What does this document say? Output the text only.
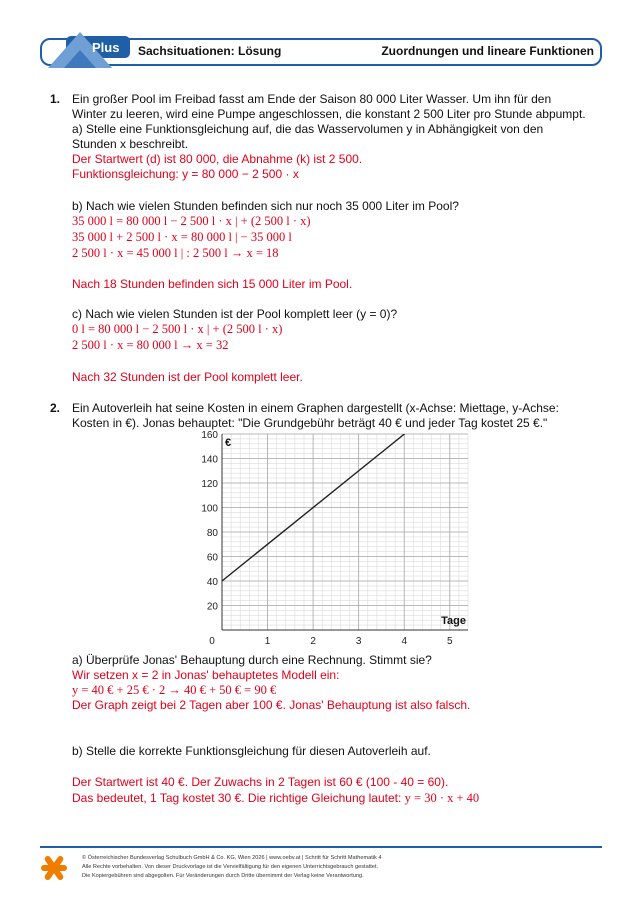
Plus Sachsituationen: Lösung	Zuordnungen und lineare Funktionen
1. Ein großer Pool im Freibad fasst am Ende der Saison 80 000 Liter Wasser. Um ihn für den
Winter zu leeren, wird eine Pumpe angeschlossen, die konstant 2 500 Liter pro Stunde abpumpt.
a) Stelle eine Funktionsgleichung auf, die das Wasservolumen y in Abhängigkeit von den
Stunden x beschreibt.
Der Startwert (d) ist 80 000, die Abnahme (k) ist 2 500.
Funktionsgleichung: y = 80 000 − 2 500 · x
b) Nach wie vielen Stunden befinden sich nur noch 35 000 Liter im Pool?
35 000 l = 80 000 l − 2 500 l · x | + (2 500 l · x)
35 000 l + 2 500 l · x = 80 000 l | − 35 000 l
2 500 l · x = 45 000 l | : 2 500 l → x = 18
Nach 18 Stunden befinden sich 15 000 Liter im Pool.
c) Nach wie vielen Stunden ist der Pool komplett leer (y = 0)?
0 l = 80 000 l − 2 500 l · x | + (2 500 l · x)
2 500 l · x = 80 000 l → x = 32
Nach 32 Stunden ist der Pool komplett leer.
2. Ein Autoverleih hat seine Kosten in einem Graphen dargestellt (x-Achse: Miettage, y-Achse:
Kosten in €). Jonas behauptet: "Die Grundgebühr beträgt 40 € und jeder Tag kostet 25 €."
20
40
60
80
100
120
140
160
0	1	2	3	4	5
€
Tage
a) Überprüfe Jonas' Behauptung durch eine Rechnung. Stimmt sie?
Wir setzen x = 2 in Jonas' behauptetes Modell ein:
y = 40 € + 25 € · 2 → 40 € + 50 € = 90 €
Der Graph zeigt bei 2 Tagen aber 100 €. Jonas' Behauptung ist also falsch.
b) Stelle die korrekte Funktionsgleichung für diesen Autoverleih auf.
Der Startwert ist 40 €. Der Zuwachs in 2 Tagen ist 60 € (100 - 40 = 60).
Das bedeutet, 1 Tag kostet 30 €. Die richtige Gleichung lautet: y = 30 · x + 40
© Österreichischer Bundesverlag Schulbuch GmbH & Co. KG, Wien 2026 | www.oebv.at | Schritt für Schritt Mathematik 4
Alle Rechte vorbehalten. Von dieser Druckvorlage ist die Vervielfältigung für den eigenen Unterrichtsgebrauch gestattet.
Die Kopiergebühren sind abgegolten. Für Veränderungen durch Dritte übernimmt der Verlag keine Verantwortung.
